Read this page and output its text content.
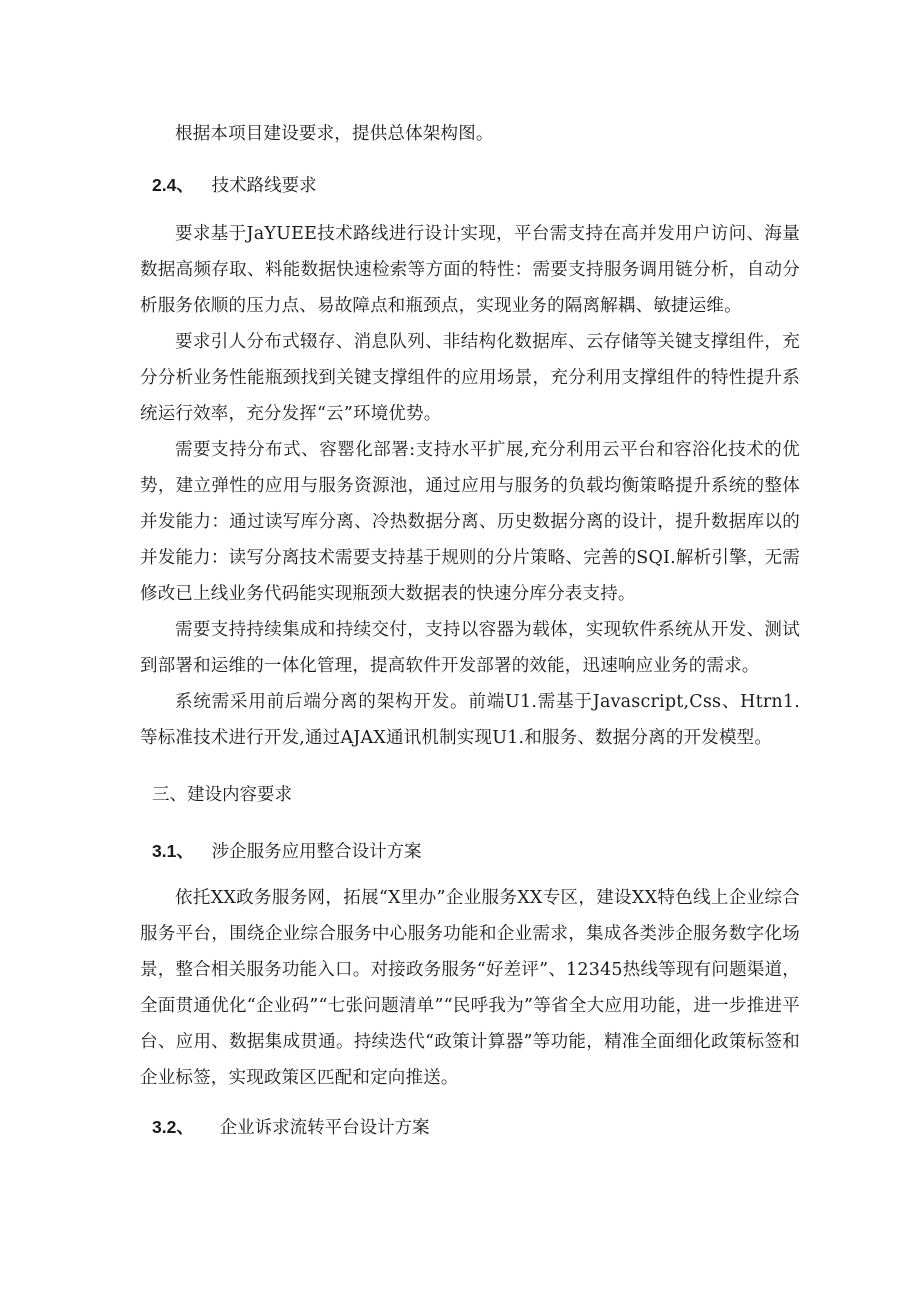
根据本项目建设要求，提供总体架构图。

2.4、 技术路线要求

要求基于JaYUEE技术路线进行设计实现，平台需支持在高并发用户访问、海量数据高频存取、料能数据快速检索等方面的特性：需要支持服务调用链分析，自动分析服务依顺的压力点、易故障点和瓶颈点，实现业务的隔离解耦、敏捷运维。

要求引人分布式辍存、消息队列、非结构化数据库、云存储等关键支撑组件，充分分析业务性能瓶颈找到关键支撑组件的应用场景，充分利用支撑组件的特性提升系统运行效率，充分发挥“云”环境优势。

需要支持分布式、容罂化部署:支持水平扩展,充分利用云平台和容浴化技术的优势，建立弹性的应用与服务资源池，通过应用与服务的负载均衡策略提升系统的整体并发能力：通过读写库分离、冷热数据分离、历史数据分离的设计，提升数据库以的并发能力：读写分离技术需要支持基于规则的分片策略、完善的SQI.解析引擎，无需修改已上线业务代码能实现瓶颈大数据表的快速分库分表支持。

需要支持持续集成和持续交付，支持以容器为载体，实现软件系统从开发、测试到部署和运维的一体化管理，提高软件开发部署的效能，迅速响应业务的需求。

系统需采用前后端分离的架构开发。前端U1.需基于Javascript,Css、Htrn1.等标准技术进行开发,通过AJAX通讯机制实现U1.和服务、数据分离的开发模型。

三、建设内容要求
3.1、 涉企服务应用整合设计方案

依托XX政务服务网，拓展“X里办”企业服务XX专区，建设XX特色线上企业综合服务平台，围绕企业综合服务中心服务功能和企业需求，集成各类涉企服务数字化场景，整合相关服务功能入口。对接政务服务“好差评”、12345热线等现有问题渠道，全面贯通优化“企业码”“七张问题清单”“民呼我为”等省全大应用功能，进一步推进平台、应用、数据集成贯通。持续迭代“政策计算器”等功能，精准全面细化政策标签和企业标签，实现政策区匹配和定向推送。

3.2、 企业诉求流转平台设计方案
